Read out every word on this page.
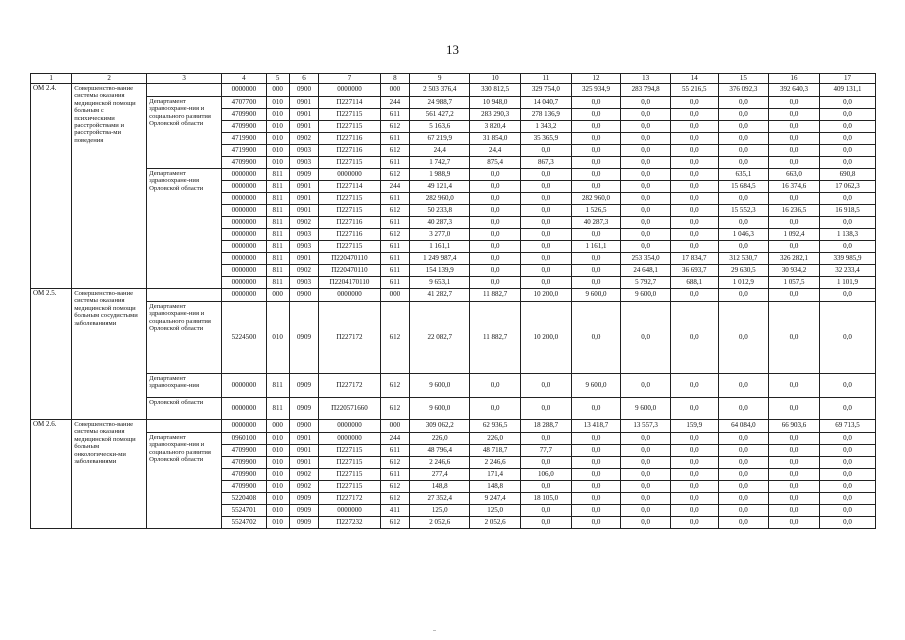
13
1	2	3	4	5	6	7	8	9	10	11	12	13	14	15	16	17
ОМ 2.4.	Совершенство-вание системы оказания медицинской помощи больным с психическими расстройствами и расстройства-ми поведения		0000000	000	0900	0000000	000	2 503 376,4	330 812,5	329 754,0	325 934,9	283 794,8	55 216,5	376 092,3	392 640,3	409 131,1
		Департамент здравоохране-ния и социального развития Орловской области	4707700	010	0901	П227114	244	24 988,7	10 948,0	14 040,7	0,0	0,0	0,0	0,0	0,0	0,0
			4709900	010	0901	П227115	611	561 427,2	283 290,3	278 136,9	0,0	0,0	0,0	0,0	0,0	0,0
			4709900	010	0901	П227115	612	5 163,6	3 820,4	1 343,2	0,0	0,0	0,0	0,0	0,0	0,0
			4719900	010	0902	П227116	611	67 219,9	31 854,0	35 365,9	0,0	0,0	0,0	0,0	0,0	0,0
			4719900	010	0903	П227116	612	24,4	24,4	0,0	0,0	0,0	0,0	0,0	0,0	0,0
			4709900	010	0903	П227115	611	1 742,7	875,4	867,3	0,0	0,0	0,0	0,0	0,0	0,0
		Департамент здравоохране-ния Орловской области	0000000	811	0909	0000000	612	1 988,9	0,0	0,0	0,0	0,0	0,0	635,1	663,0	690,8
			0000000	811	0901	П227114	244	49 121,4	0,0	0,0	0,0	0,0	0,0	15 684,5	16 374,6	17 062,3
			0000000	811	0901	П227115	611	282 960,0	0,0	0,0	282 960,0	0,0	0,0	0,0	0,0	0,0
			0000000	811	0901	П227115	612	50 233,8	0,0	0,0	1 526,5	0,0	0,0	15 552,3	16 236,5	16 918,5
			0000000	811	0902	П227116	611	40 287,3	0,0	0,0	40 287,3	0,0	0,0	0,0	0,0	0,0
			0000000	811	0903	П227116	612	3 277,0	0,0	0,0	0,0	0,0	0,0	1 046,3	1 092,4	1 138,3
			0000000	811	0903	П227115	611	1 161,1	0,0	0,0	1 161,1	0,0	0,0	0,0	0,0	0,0
			0000000	811	0901	П220470110	611	1 249 987,4	0,0	0,0	0,0	253 354,0	17 834,7	312 530,7	326 282,1	339 985,9
			0000000	811	0902	П220470110	611	154 139,9	0,0	0,0	0,0	24 648,1	36 693,7	29 630,5	30 934,2	32 233,4
			0000000	811	0903	П2204170110	611	9 653,1	0,0	0,0	0,0	5 792,7	688,1	1 012,9	1 057,5	1 101,9
ОМ 2.5.	Совершенство-вание системы оказания медицинской помощи больным сосудистыми заболеваниями		0000000	000	0900	0000000	000	41 282,7	11 882,7	10 200,0	9 600,0	9 600,0	0,0	0,0	0,0	0,0
		Департамент здравоохране-ния и социального развития Орловской области	5224500	010	0909	П227172	612	22 082,7	11 882,7	10 200,0	0,0	0,0	0,0	0,0	0,0	0,0
		Департамент здравоохране-ния	0000000	811	0909	П227172	612	9 600,0	0,0	0,0	9 600,0	0,0	0,0	0,0	0,0	0,0
		Орловской области	0000000	811	0909	П220571660	612	9 600,0	0,0	0,0	0,0	9 600,0	0,0	0,0	0,0	0,0
ОМ 2.6.	Совершенство-вание системы оказания медицинской помощи больным онкологически-ми заболеваниями		0000000	000	0900	0000000	000	309 062,2	62 936,5	18 288,7	13 418,7	13 557,3	159,9	64 084,0	66 903,6	69 713,5
		Департамент здравоохране-ния и социального развития Орловской области	0960100	010	0901	0000000	244	226,0	226,0	0,0	0,0	0,0	0,0	0,0	0,0	0,0
			4709900	010	0901	П227115	611	48 796,4	48 718,7	77,7	0,0	0,0	0,0	0,0	0,0	0,0
			4709900	010	0901	П227115	612	2 246,6	2 246,6	0,0	0,0	0,0	0,0	0,0	0,0	0,0
			4709900	010	0902	П227115	611	277,4	171,4	106,0	0,0	0,0	0,0	0,0	0,0	0,0
			4709900	010	0902	П227115	612	148,8	148,8	0,0	0,0	0,0	0,0	0,0	0,0	0,0
			5220408	010	0909	П227172	612	27 352,4	9 247,4	18 105,0	0,0	0,0	0,0	0,0	0,0	0,0
			5524701	010	0909	0000000	411	125,0	125,0	0,0	0,0	0,0	0,0	0,0	0,0	0,0
			5524702	010	0909	П227232	612	2 052,6	2 052,6	0,0	0,0	0,0	0,0	0,0	0,0	0,0
